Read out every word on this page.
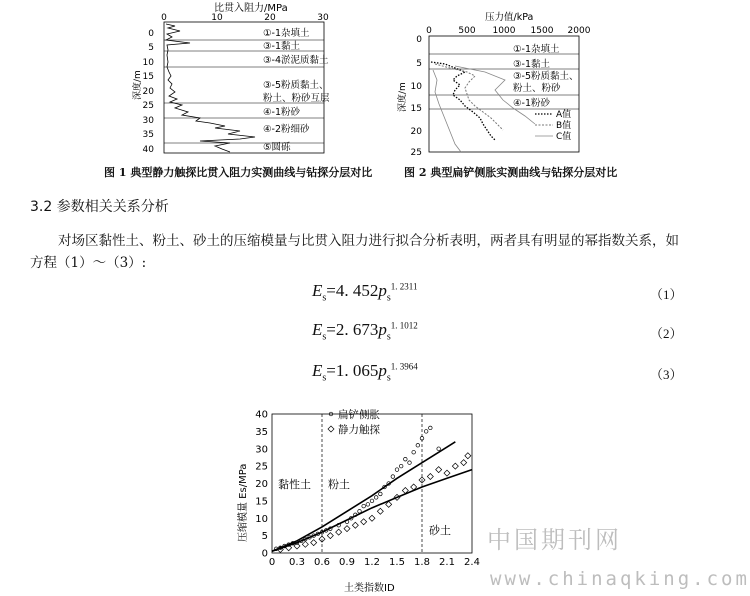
比贯入阻力/MPa
0	10	20	30
0
5
10
15
20
25
30
35
40
深度/m
①-1杂填土
③-1黏土
③-4淤泥质黏土
③-5粉质黏土、
粉土、粉砂互层
④-1粉砂
④-2粉细砂
⑤圆砾
压力值/kPa
0	500 1000 1500 2000
0
5
10
15
20
25
深度/m
①-1杂填土
③-1黏土
③-5粉质黏土、
粉土、粉砂
④-1粉砂
A值
B值
C值
图 1 典型静力触探比贯入阻力实测曲线与钻探分层对比	图 2 典型扁铲侧胀实测曲线与钻探分层对比
3.2 参数相关关系分析
对场区黏性土、粉土、砂土的压缩模量与比贯入阻力进行拟合分析表明，两者具有明显的幂指数关系，如方程（1）～（3）:
$E_s=4$. $452p_s^{1. 2311}$
（1）
$E_s=2$. $673p_s^{1. 1012}$
（2）
$E_s=1$. $065p_s^{1. 3964}$
（3）
压缩模量 Es/MPa
土类指数ID
0
5
10
15
20
25
30
35
40
0 0.3 0.6 0.9 1.2 1.5 1.8 2.1 2.4
扁铲侧胀
静力触探
黏性土 粉土
砂土 中国期刊网
www.chinaqking.com
